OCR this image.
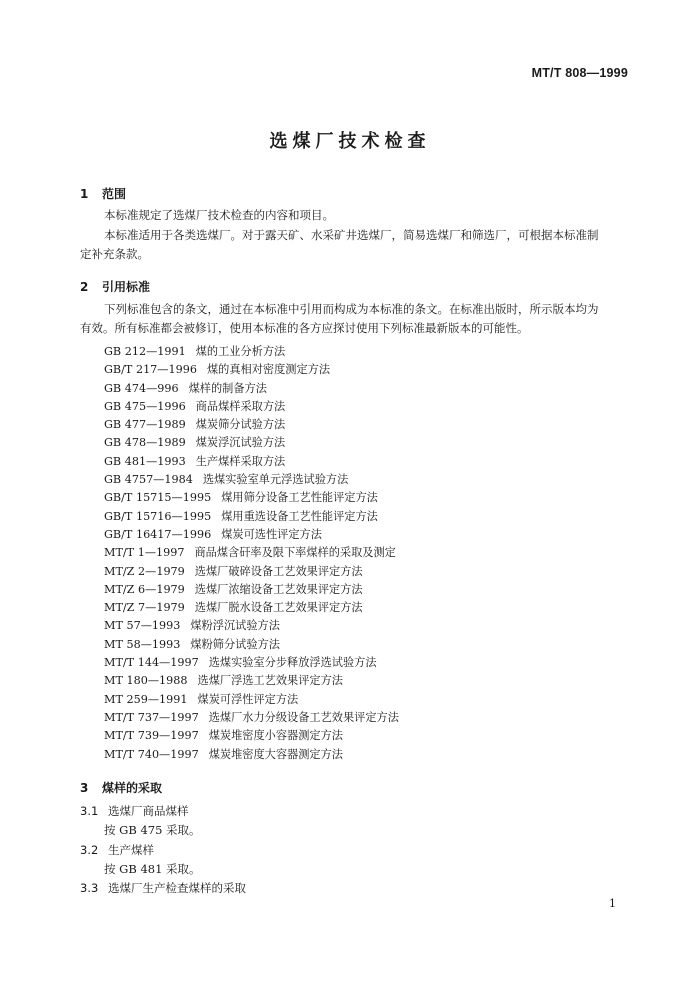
MT/T 808—1999
选煤厂技术检查
1 范围
本标准规定了选煤厂技术检查的内容和项目。
本标准适用于各类选煤厂。对于露天矿、水采矿井选煤厂，简易选煤厂和筛选厂，可根据本标准制
定补充条款。
2 引用标准
下列标准包含的条文，通过在本标准中引用而构成为本标准的条文。在标准出版时，所示版本均为
有效。所有标准都会被修订，使用本标准的各方应探讨使用下列标准最新版本的可能性。
GB 212—1991 煤的工业分析方法
GB/T 217—1996 煤的真相对密度测定方法
GB 474—996 煤样的制备方法
GB 475—1996 商品煤样采取方法
GB 477—1989 煤炭筛分试验方法
GB 478—1989 煤炭浮沉试验方法
GB 481—1993 生产煤样采取方法
GB 4757—1984 选煤实验室单元浮选试验方法
GB/T 15715—1995 煤用筛分设备工艺性能评定方法
GB/T 15716—1995 煤用重选设备工艺性能评定方法
GB/T 16417—1996 煤炭可选性评定方法
MT/T 1—1997 商品煤含矸率及限下率煤样的采取及测定
MT/Z 2—1979 选煤厂破碎设备工艺效果评定方法
MT/Z 6—1979 选煤厂浓缩设备工艺效果评定方法
MT/Z 7—1979 选煤厂脱水设备工艺效果评定方法
MT 57—1993 煤粉浮沉试验方法
MT 58—1993 煤粉筛分试验方法
MT/T 144—1997 选煤实验室分步释放浮选试验方法
MT 180—1988 选煤厂浮选工艺效果评定方法
MT 259—1991 煤炭可浮性评定方法
MT/T 737—1997 选煤厂水力分级设备工艺效果评定方法
MT/T 739—1997 煤炭堆密度小容器测定方法
MT/T 740—1997 煤炭堆密度大容器测定方法
3 煤样的采取
3.1 选煤厂商品煤样
按 GB 475 采取。
3.2 生产煤样
按 GB 481 采取。
3.3 选煤厂生产检查煤样的采取
1
